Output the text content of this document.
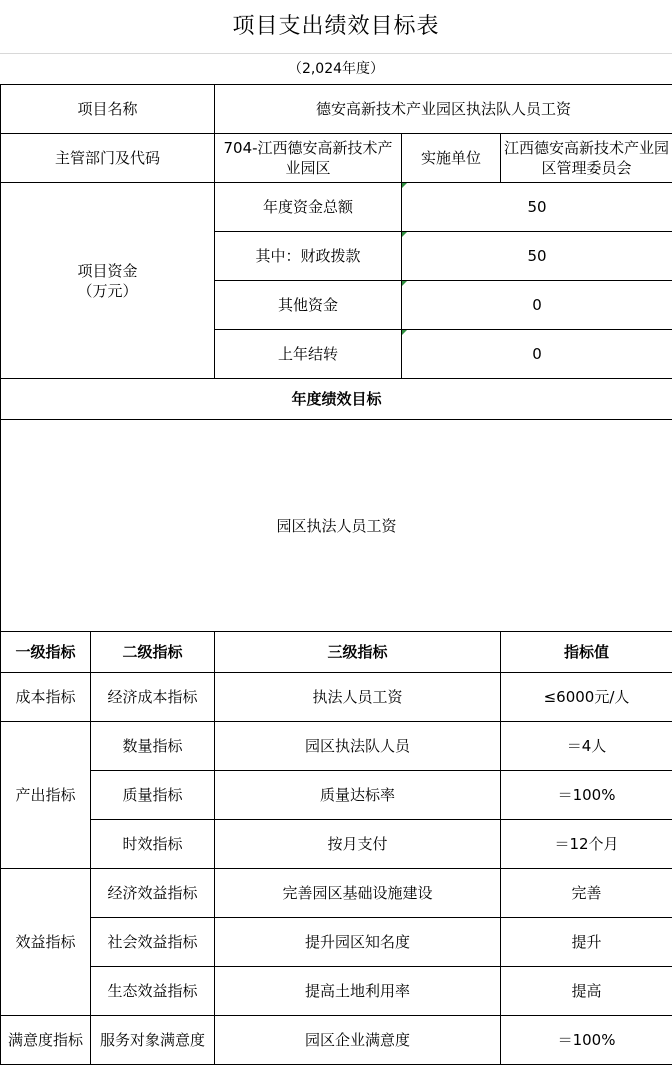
项目支出绩效目标表
（2,024年度）
项目名称		德安高新技术产业园区执法队人员工资		
主管部门及代码		704-江西德安高新技术产业园区	实施单位	江西德安高新技术产业园区管理委员会

项目资金
（万元）		年度资金总额	50	
		其中：财政拨款	50	
		其他资金	0	
		上年结转	0	
年度绩效目标				
园区执法人员工资				
一级指标	二级指标	三级指标		指标值
成本指标	经济成本指标	执法人员工资		≤6000元/人
产出指标	数量指标	园区执法队人员		＝4人
	质量指标	质量达标率		＝100%
	时效指标	按月支付		＝12个月
效益指标	经济效益指标	完善园区基础设施建设		完善
	社会效益指标	提升园区知名度		提升
	生态效益指标	提高土地利用率		提高
满意度指标	服务对象满意度	园区企业满意度		＝100%
